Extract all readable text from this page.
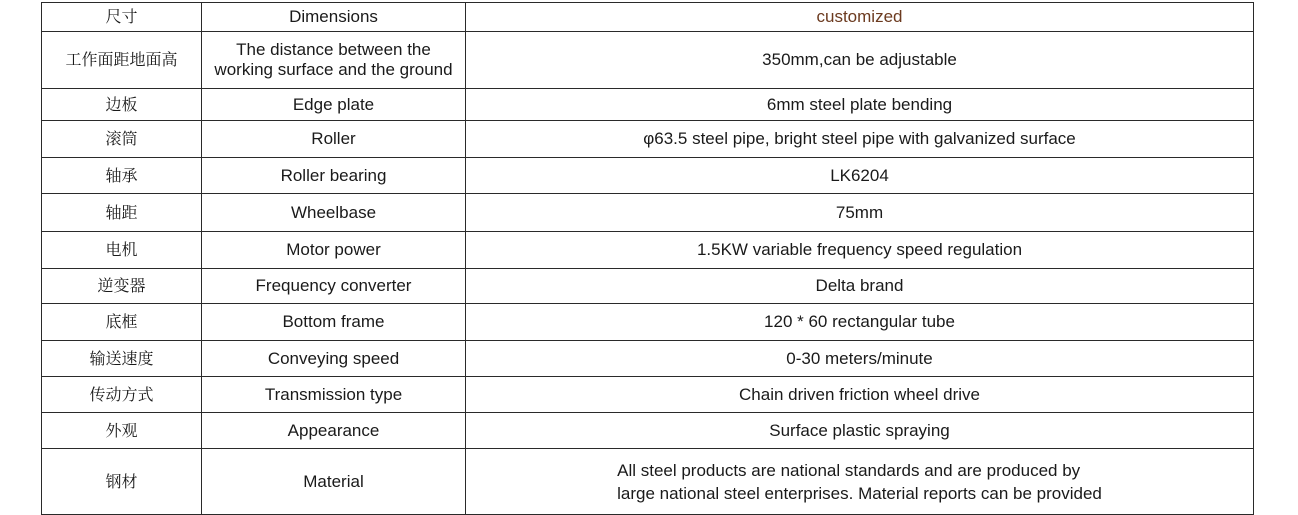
尺寸	Dimensions	customized
工作面距地面高	The distance between the
working surface and the ground	350mm,can be adjustable
边板	Edge plate	6mm steel plate bending
滚筒	Roller	φ63.5 steel pipe, bright steel pipe with galvanized surface
轴承	Roller bearing	LK6204
轴距	Wheelbase	75mm
电机	Motor power	1.5KW variable frequency speed regulation
逆变器	Frequency converter	Delta brand
底框	Bottom frame	120 * 60 rectangular tube
输送速度	Conveying speed	0-30 meters/minute
传动方式	Transmission type	Chain driven friction wheel drive
外观	Appearance	Surface plastic spraying
钢材	Material	All steel products are national standards and are produced by
large national steel enterprises. Material reports can be provided
